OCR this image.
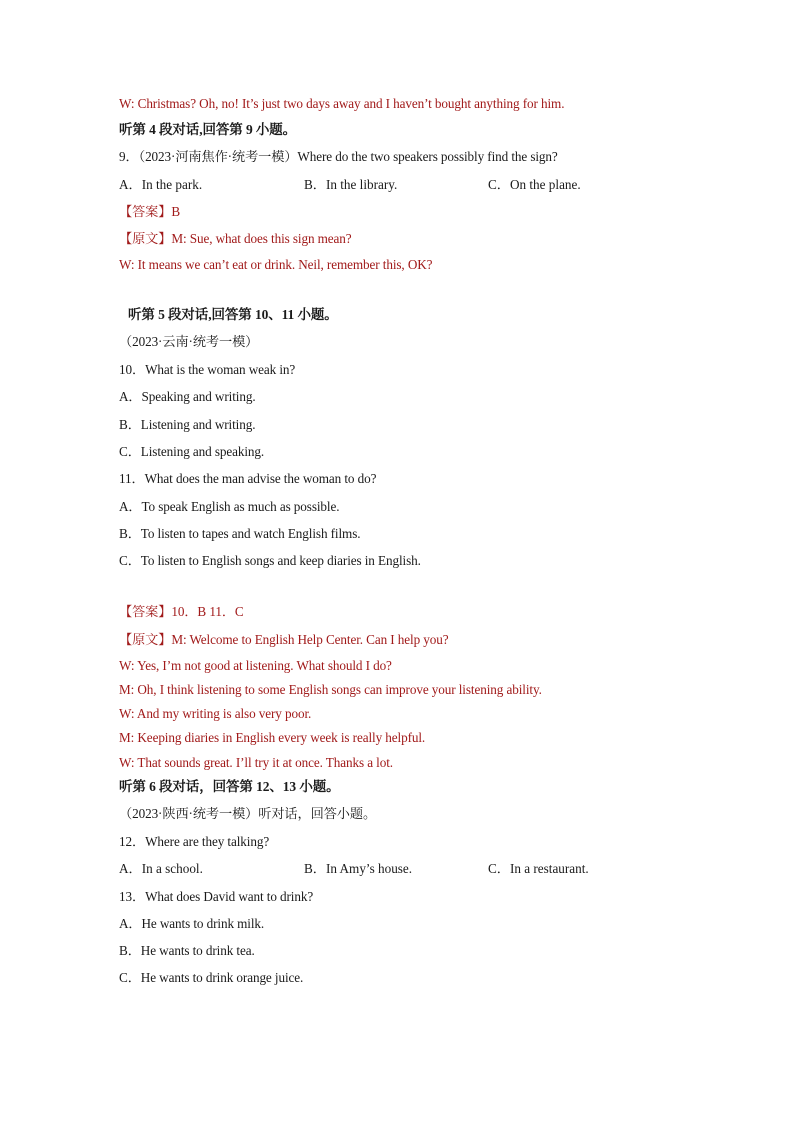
W: Christmas? Oh, no! It’s just two days away and I haven’t bought anything for him.
听第 4 段对话,回答第 9 小题。
9．（2023·河南焦作·统考一模）Where do the two speakers possibly find the sign?
A．In the park.	B．In the library.	C．On the plane.
【答案】B
【原文】M: Sue, what does this sign mean?
W: It means we can’t eat or drink. Neil, remember this, OK?
听第 5 段对话,回答第 10、11 小题。
（2023·云南·统考一模）
10．What is the woman weak in?
A．Speaking and writing.
B．Listening and writing.
C．Listening and speaking.
11．What does the man advise the woman to do?
A．To speak English as much as possible.
B．To listen to tapes and watch English films.
C．To listen to English songs and keep diaries in English.
【答案】10．B 11．C
【原文】M: Welcome to English Help Center. Can I help you?
W: Yes, I’m not good at listening. What should I do?
M: Oh, I think listening to some English songs can improve your listening ability.
W: And my writing is also very poor.
M: Keeping diaries in English every week is really helpful.
W: That sounds great. I’ll try it at once. Thanks a lot.
听第 6 段对话，回答第 12、13 小题。
（2023·陕西·统考一模）听对话，回答小题。
12．Where are they talking?
A．In a school.	B．In Amy’s house.	C．In a restaurant.
13．What does David want to drink?
A．He wants to drink milk.
B．He wants to drink tea.
C．He wants to drink orange juice.
